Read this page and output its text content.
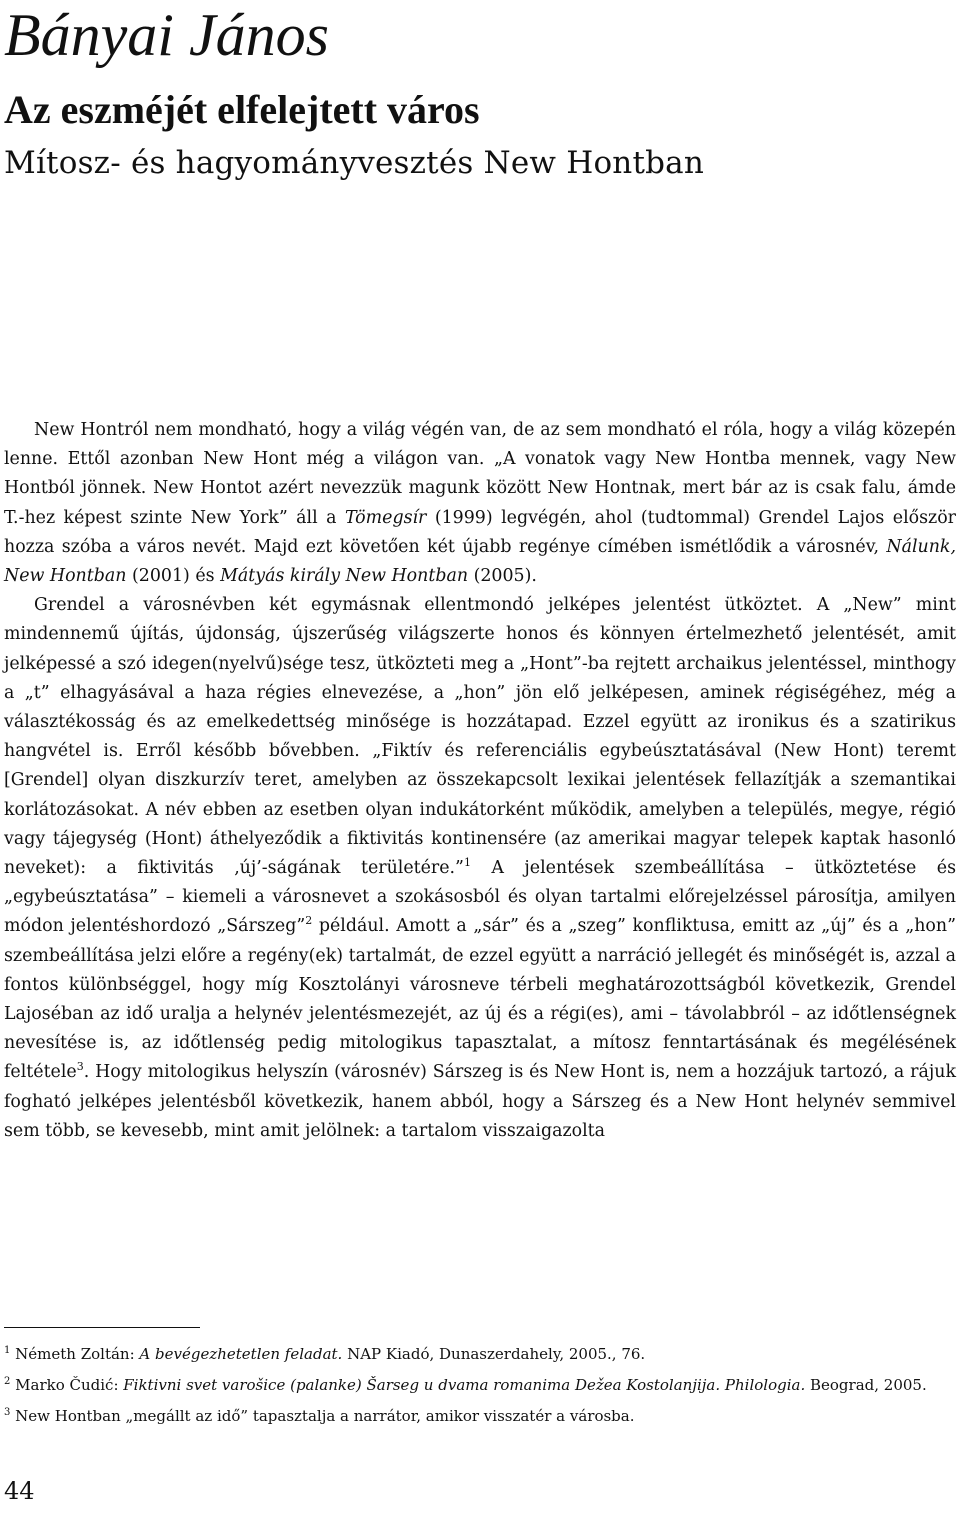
Bányai János
Az eszméjét elfelejtett város
Mítosz- és hagyományvesztés New Hontban

New Hontról nem mondható, hogy a világ végén van, de az sem mondható el róla, hogy a világ közepén lenne. Ettől azonban New Hont még a világon van. „A vonatok vagy New Hontba mennek, vagy New Hontból jönnek. New Hontot azért nevezzük magunk között New Hontnak, mert bár az is csak falu, ámde T.-hez képest szinte New York” áll a Tömegsír (1999) legvégén, ahol (tudtommal) Grendel Lajos először hozza szóba a város nevét. Majd ezt követően két újabb regénye címében ismétlődik a városnév, Nálunk, New Hontban (2001) és Mátyás király New Hontban (2005).

Grendel a városnévben két egymásnak ellentmondó jelképes jelentést ütköztet. A „New” mint mindennemű újítás, újdonság, újszerűség világszerte honos és könnyen értelmezhető jelentését, amit jelképessé a szó idegen(nyelvű)sége tesz, ütközteti meg a „Hont”-ba rejtett archaikus jelentéssel, minthogy a „t” elhagyásával a haza régies elnevezése, a „hon” jön elő jelképesen, aminek régiségéhez, még a választékosság és az emelkedettség minősége is hozzátapad. Ezzel együtt az ironikus és a szatirikus hangvétel is. Erről később bővebben. „Fiktív és referenciális egybeúsztatásával (New Hont) teremt [Grendel] olyan diszkurzív teret, amelyben az összekapcsolt lexikai jelentések fellazítják a szemantikai korlátozásokat. A név ebben az esetben olyan indukátorként működik, amelyben a település, megye, régió vagy tájegység (Hont) áthelyeződik a fiktivitás kontinensére (az amerikai magyar telepek kaptak hasonló neveket): a fiktivitás ‚új’-ságának területére.”$^1$ A jelentések szembeállítása – ütköztetése és „egybeúsztatása” – kiemeli a városnevet a szokásosból és olyan tartalmi előrejelzéssel párosítja, amilyen módon jelentéshordozó „Sárszeg”$^2$ például. Amott a „sár” és a „szeg” konfliktusa, emitt az „új” és a „hon” szembeállítása jelzi előre a regény(ek) tartalmát, de ezzel együtt a narráció jellegét és minőségét is, azzal a fontos különbséggel, hogy míg Kosztolányi városneve térbeli meghatározottságból következik, Grendel Lajoséban az idő uralja a helynév jelentésmezejét, az új és a régi(es), ami – távolabbról – az időtlenségnek nevesítése is, az időtlenség pedig mitologikus tapasztalat, a mítosz fenntartásának és megélésének feltétele$^3$. Hogy mitologikus helyszín (városnév) Sárszeg is és New Hont is, nem a hozzájuk tartozó, a rájuk fogható jelképes jelentésből következik, hanem abból, hogy a Sárszeg és a New Hont helynév semmivel sem több, se kevesebb, mint amit jelölnek: a tartalom visszaigazolta

$^1$ Németh Zoltán: A bevégezhetetlen feladat. NAP Kiadó, Dunaszerdahely, 2005., 76.
$^2$ Marko Čudić: Fiktivni svet varošice (palanke) Šarseg u dvama romanima Dežea Kostolanjija. Philologia. Beograd, 2005.
$^3$ New Hontban „megállt az idő” tapasztalja a narrátor, amikor visszatér a városba.
44
